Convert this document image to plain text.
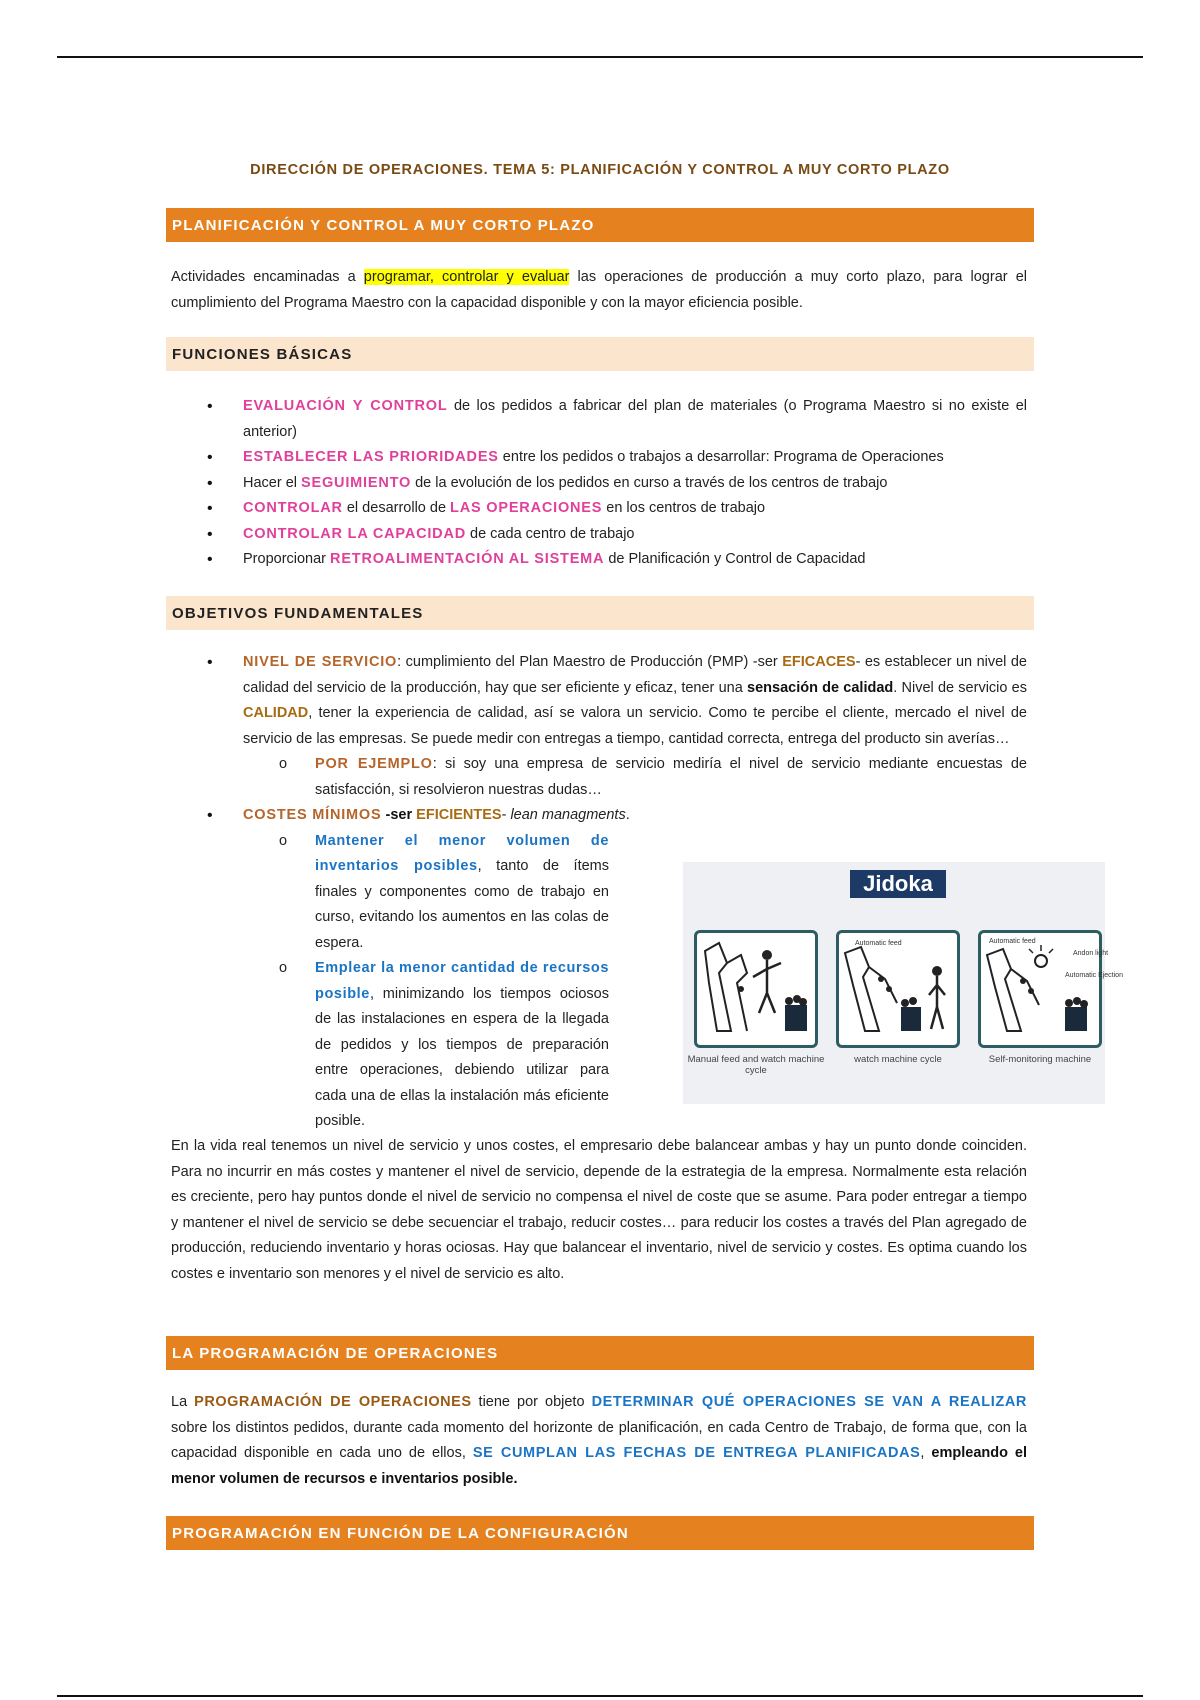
DIRECCIÓN DE OPERACIONES. TEMA 5: PLANIFICACIÓN Y CONTROL A MUY CORTO PLAZO
PLANIFICACIÓN Y CONTROL A MUY CORTO PLAZO
Actividades encaminadas a programar, controlar y evaluar las operaciones de producción a muy corto plazo, para lograr el cumplimiento del Programa Maestro con la capacidad disponible y con la mayor eficiencia posible.
FUNCIONES BÁSICAS
• EVALUACIÓN Y CONTROL de los pedidos a fabricar del plan de materiales (o Programa Maestro si no existe el anterior)
• ESTABLECER LAS PRIORIDADES entre los pedidos o trabajos a desarrollar: Programa de Operaciones
• Hacer el SEGUIMIENTO de la evolución de los pedidos en curso a través de los centros de trabajo
• CONTROLAR el desarrollo de LAS OPERACIONES en los centros de trabajo
• CONTROLAR LA CAPACIDAD de cada centro de trabajo
• Proporcionar RETROALIMENTACIÓN AL SISTEMA de Planificación y Control de Capacidad
OBJETIVOS FUNDAMENTALES
• NIVEL DE SERVICIO: cumplimiento del Plan Maestro de Producción (PMP) -ser EFICACES- es establecer un nivel de calidad del servicio de la producción, hay que ser eficiente y eficaz, tener una sensación de calidad. Nivel de servicio es CALIDAD, tener la experiencia de calidad, así se valora un servicio. Como te percibe el cliente, mercado el nivel de servicio de las empresas. Se puede medir con entregas a tiempo, cantidad correcta, entrega del producto sin averías…
o POR EJEMPLO: si soy una empresa de servicio mediría el nivel de servicio mediante encuestas de satisfacción, si resolvieron nuestras dudas…
• COSTES MÍNIMOS -ser EFICIENTES- lean managments.
o Mantener el menor volumen de inventarios posibles, tanto de ítems finales y componentes como de trabajo en curso, evitando los aumentos en las colas de espera.
o Emplear la menor cantidad de recursos posible, minimizando los tiempos ociosos de las instalaciones en espera de la llegada de pedidos y los tiempos de preparación entre operaciones, debiendo utilizar para cada una de ellas la instalación más eficiente posible.
Jidoka
Automatic feed	Automatic feed
Andon light
Automatic Ejection
Manual feed and watch machine cycle
watch machine cycle	Self-monitoring machine
En la vida real tenemos un nivel de servicio y unos costes, el empresario debe balancear ambas y hay un punto donde coinciden. Para no incurrir en más costes y mantener el nivel de servicio, depende de la estrategia de la empresa. Normalmente esta relación es creciente, pero hay puntos donde el nivel de servicio no compensa el nivel de coste que se asume. Para poder entregar a tiempo y mantener el nivel de servicio se debe secuenciar el trabajo, reducir costes… para reducir los costes a través del Plan agregado de producción, reduciendo inventario y horas ociosas. Hay que balancear el inventario, nivel de servicio y costes. Es optima cuando los costes e inventario son menores y el nivel de servicio es alto.
LA PROGRAMACIÓN DE OPERACIONES
La PROGRAMACIÓN DE OPERACIONES tiene por objeto DETERMINAR QUÉ OPERACIONES SE VAN A REALIZAR sobre los distintos pedidos, durante cada momento del horizonte de planificación, en cada Centro de Trabajo, de forma que, con la capacidad disponible en cada uno de ellos, SE CUMPLAN LAS FECHAS DE ENTREGA PLANIFICADAS, empleando el menor volumen de recursos e inventarios posible.
PROGRAMACIÓN EN FUNCIÓN DE LA CONFIGURACIÓN
